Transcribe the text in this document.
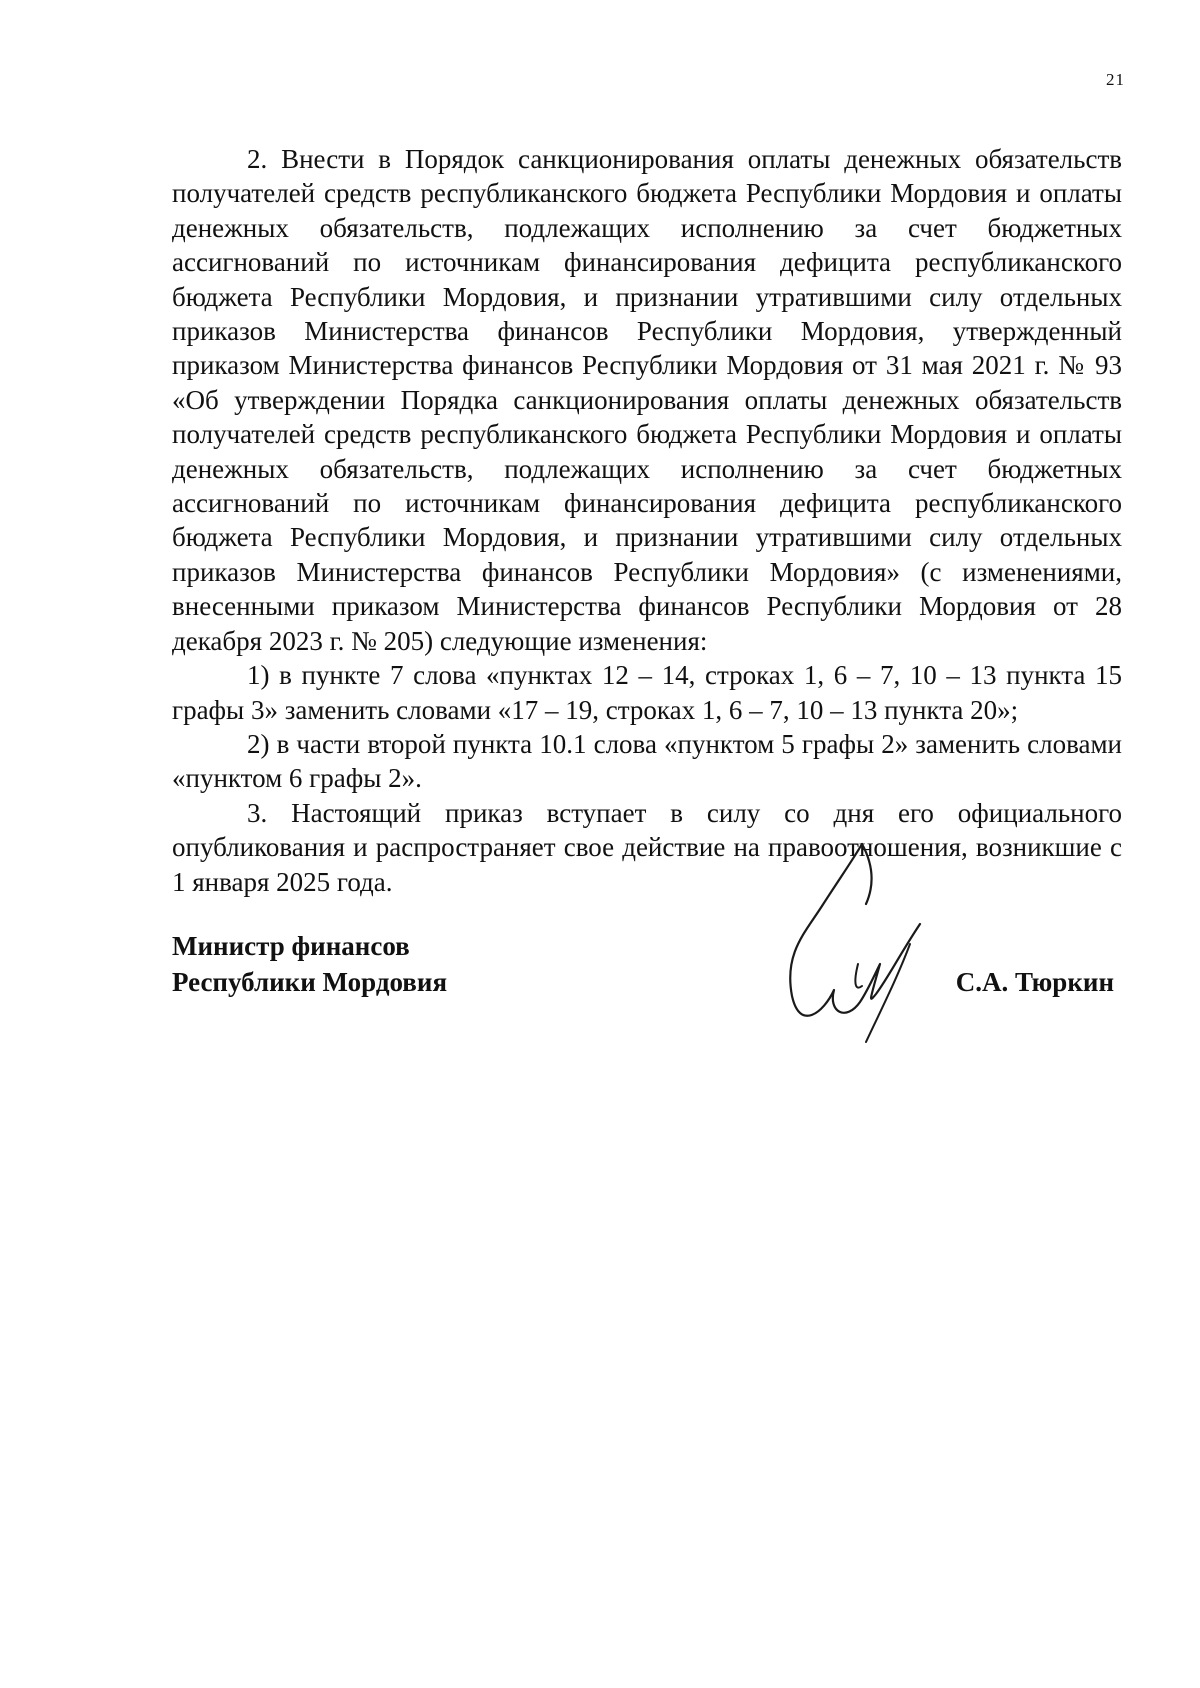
21

2. Внести в Порядок санкционирования оплаты денежных обязательств получателей средств республиканского бюджета Республики Мордовия и оплаты денежных обязательств, подлежащих исполнению за счет бюджетных ассигнований по источникам финансирования дефицита республиканского бюджета Республики Мордовия, и признании утратившими силу отдельных приказов Министерства финансов Республики Мордовия, утвержденный приказом Министерства финансов Республики Мордовия от 31 мая 2021 г. № 93 «Об утверждении Порядка санкционирования оплаты денежных обязательств получателей средств республиканского бюджета Республики Мордовия и оплаты денежных обязательств, подлежащих исполнению за счет бюджетных ассигнований по источникам финансирования дефицита республиканского бюджета Республики Мордовия, и признании утратившими силу отдельных приказов Министерства финансов Республики Мордовия» (с изменениями, внесенными приказом Министерства финансов Республики Мордовия от 28 декабря 2023 г. № 205) следующие изменения:

1) в пункте 7 слова «пунктах 12 – 14, строках 1, 6 – 7, 10 – 13 пункта 15 графы 3» заменить словами «17 – 19, строках 1, 6 – 7, 10 – 13 пункта 20»;

2) в части второй пункта 10.1 слова «пунктом 5 графы 2» заменить словами «пунктом 6 графы 2».

3. Настоящий приказ вступает в силу со дня его официального опубликования и распространяет свое действие на правоотношения, возникшие с 1 января 2025 года.

Министр финансов
Республики Мордовия	С.А. Тюркин
